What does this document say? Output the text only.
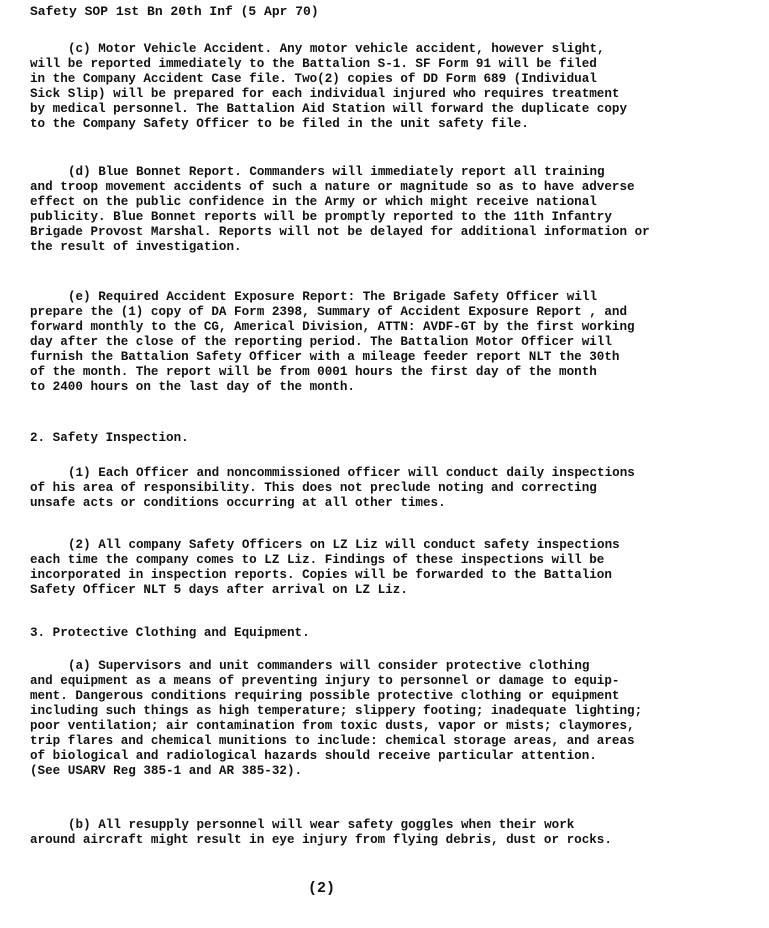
Safety SOP 1st Bn 20th Inf (5 Apr 70)
(c) Motor Vehicle Accident. Any motor vehicle accident, however slight,
will be reported immediately to the Battalion S-1. SF Form 91 will be filed
in the Company Accident Case file. Two(2) copies of DD Form 689 (Individual
Sick Slip) will be prepared for each individual injured who requires treatment
by medical personnel. The Battalion Aid Station will forward the duplicate copy
to the Company Safety Officer to be filed in the unit safety file.
(d) Blue Bonnet Report. Commanders will immediately report all training
and troop movement accidents of such a nature or magnitude so as to have adverse
effect on the public confidence in the Army or which might receive national
publicity. Blue Bonnet reports will be promptly reported to the 11th Infantry
Brigade Provost Marshal. Reports will not be delayed for additional information or
the result of investigation.
(e) Required Accident Exposure Report: The Brigade Safety Officer will
prepare the (1) copy of DA Form 2398, Summary of Accident Exposure Report , and
forward monthly to the CG, Americal Division, ATTN: AVDF-GT by the first working
day after the close of the reporting period. The Battalion Motor Officer will
furnish the Battalion Safety Officer with a mileage feeder report NLT the 30th
of the month. The report will be from 0001 hours the first day of the month
to 2400 hours on the last day of the month.
2. Safety Inspection.
(1) Each Officer and noncommissioned officer will conduct daily inspections
of his area of responsibility. This does not preclude noting and correcting
unsafe acts or conditions occurring at all other times.
(2) All company Safety Officers on LZ Liz will conduct safety inspections
each time the company comes to LZ Liz. Findings of these inspections will be
incorporated in inspection reports. Copies will be forwarded to the Battalion
Safety Officer NLT 5 days after arrival on LZ Liz.
3. Protective Clothing and Equipment.
(a) Supervisors and unit commanders will consider protective clothing
and equipment as a means of preventing injury to personnel or damage to equip-
ment. Dangerous conditions requiring possible protective clothing or equipment
including such things as high temperature; slippery footing; inadequate lighting;
poor ventilation; air contamination from toxic dusts, vapor or mists; claymores,
trip flares and chemical munitions to include: chemical storage areas, and areas
of biological and radiological hazards should receive particular attention.
(See USARV Reg 385-1 and AR 385-32).
(b) All resupply personnel will wear safety goggles when their work
around aircraft might result in eye injury from flying debris, dust or rocks.
(2)
